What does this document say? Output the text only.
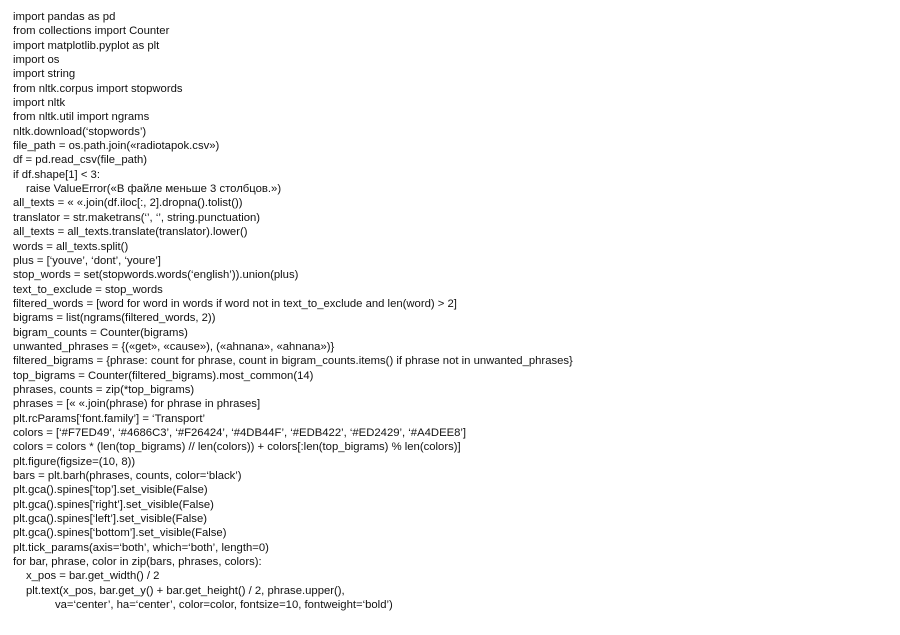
import pandas as pd
from collections import Counter
import matplotlib.pyplot as plt
import os
import string
from nltk.corpus import stopwords
import nltk
from nltk.util import ngrams
nltk.download(‘stopwords’)
file_path = os.path.join(«radiotapok.csv»)
df = pd.read_csv(file_path)
if df.shape[1] < 3:
raise ValueError(«В файле меньше 3 столбцов.»)
all_texts = « «.join(df.iloc[:, 2].dropna().tolist())
translator = str.maketrans(‘’, ‘’, string.punctuation)
all_texts = all_texts.translate(translator).lower()
words = all_texts.split()
plus = [‘youve’, ‘dont’, ‘youre’]
stop_words = set(stopwords.words(‘english’)).union(plus)
text_to_exclude = stop_words
filtered_words = [word for word in words if word not in text_to_exclude and len(word) > 2]
bigrams = list(ngrams(filtered_words, 2))
bigram_counts = Counter(bigrams)
unwanted_phrases = {(«get», «cause»), («ahnana», «ahnana»)}
filtered_bigrams = {phrase: count for phrase, count in bigram_counts.items() if phrase not in unwanted_phrases}
top_bigrams = Counter(filtered_bigrams).most_common(14)
phrases, counts = zip(*top_bigrams)
phrases = [« «.join(phrase) for phrase in phrases]
plt.rcParams[‘font.family’] = ‘Transport’
colors = [‘#F7ED49’, ‘#4686C3’, ‘#F26424’, ‘#4DB44F’, ‘#EDB422’, ‘#ED2429’, ‘#A4DEE8’]
colors = colors * (len(top_bigrams) // len(colors)) + colors[:len(top_bigrams) % len(colors)]
plt.figure(figsize=(10, 8))
bars = plt.barh(phrases, counts, color=‘black’)
plt.gca().spines[‘top’].set_visible(False)
plt.gca().spines[‘right’].set_visible(False)
plt.gca().spines[‘left’].set_visible(False)
plt.gca().spines[‘bottom’].set_visible(False)
plt.tick_params(axis=‘both’, which=‘both’, length=0)
for bar, phrase, color in zip(bars, phrases, colors):
x_pos = bar.get_width() / 2
plt.text(x_pos, bar.get_y() + bar.get_height() / 2, phrase.upper(),
va=‘center’, ha=‘center’, color=color, fontsize=10, fontweight=‘bold’)
